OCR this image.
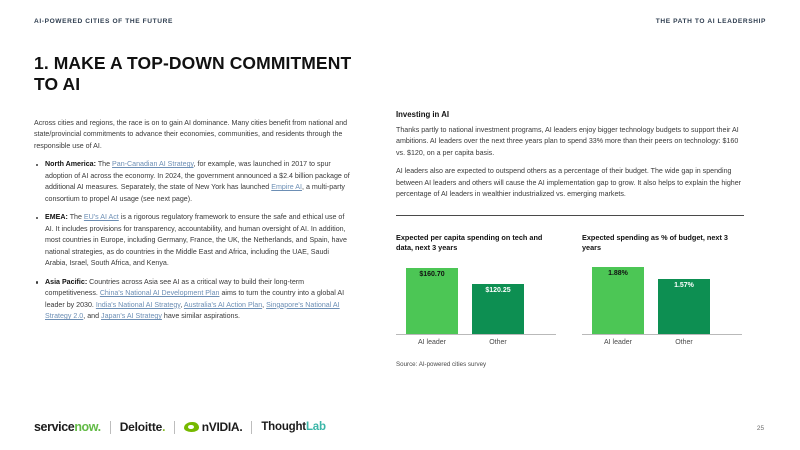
AI-POWERED CITIES OF THE FUTURE	THE PATH TO AI LEADERSHIP
1. MAKE A TOP-DOWN COMMITMENT TO AI

Across cities and regions, the race is on to gain AI dominance. Many cities benefit from national and state/provincial commitments to advance their economies, communities, and residents through the responsible use of AI.

North America: The Pan-Canadian AI Strategy, for example, was launched in 2017 to spur adoption of AI across the economy. In 2024, the government announced a $2.4 billion package of additional AI measures. Separately, the state of New York has launched Empire AI, a multi-party consortium to propel AI usage (see next page).
EMEA: The EU's AI Act is a rigorous regulatory framework to ensure the safe and ethical use of AI. It includes provisions for transparency, accountability, and human oversight of AI. In addition, most countries in Europe, including Germany, France, the UK, the Netherlands, and Spain, have national strategies, as do countries in the Middle East and Africa, including the UAE, Saudi Arabia, Israel, South Africa, and Kenya.
Asia Pacific: Countries across Asia see AI as a critical way to build their long-term competitiveness. China's National AI Development Plan aims to turn the country into a global AI leader by 2030. India's National AI Strategy, Australia's AI Action Plan, Singapore's National AI Strategy 2.0, and Japan's AI Strategy have similar aspirations.
Investing in AI

Thanks partly to national investment programs, AI leaders enjoy bigger technology budgets to support their AI ambitions. AI leaders over the next three years plan to spend 33% more than their peers on technology: $160 vs. $120, on a per capita basis.

AI leaders also are expected to outspend others as a percentage of their budget. The wide gap in spending between AI leaders and others will cause the AI implementation gap to grow. It also helps to explain the higher percentage of AI leaders in wealthier industrialized vs. emerging markets.

Expected per capita spending on tech and data, next 3 years
$160.70
$120.25
AI leader	Other
Expected spending as % of budget, next 3 years
1.88%
1.57%
AI leader	Other
Source: AI-powered cities survey
servicenow. Deloitte.	nVIDIA. ThoughtLab	25
